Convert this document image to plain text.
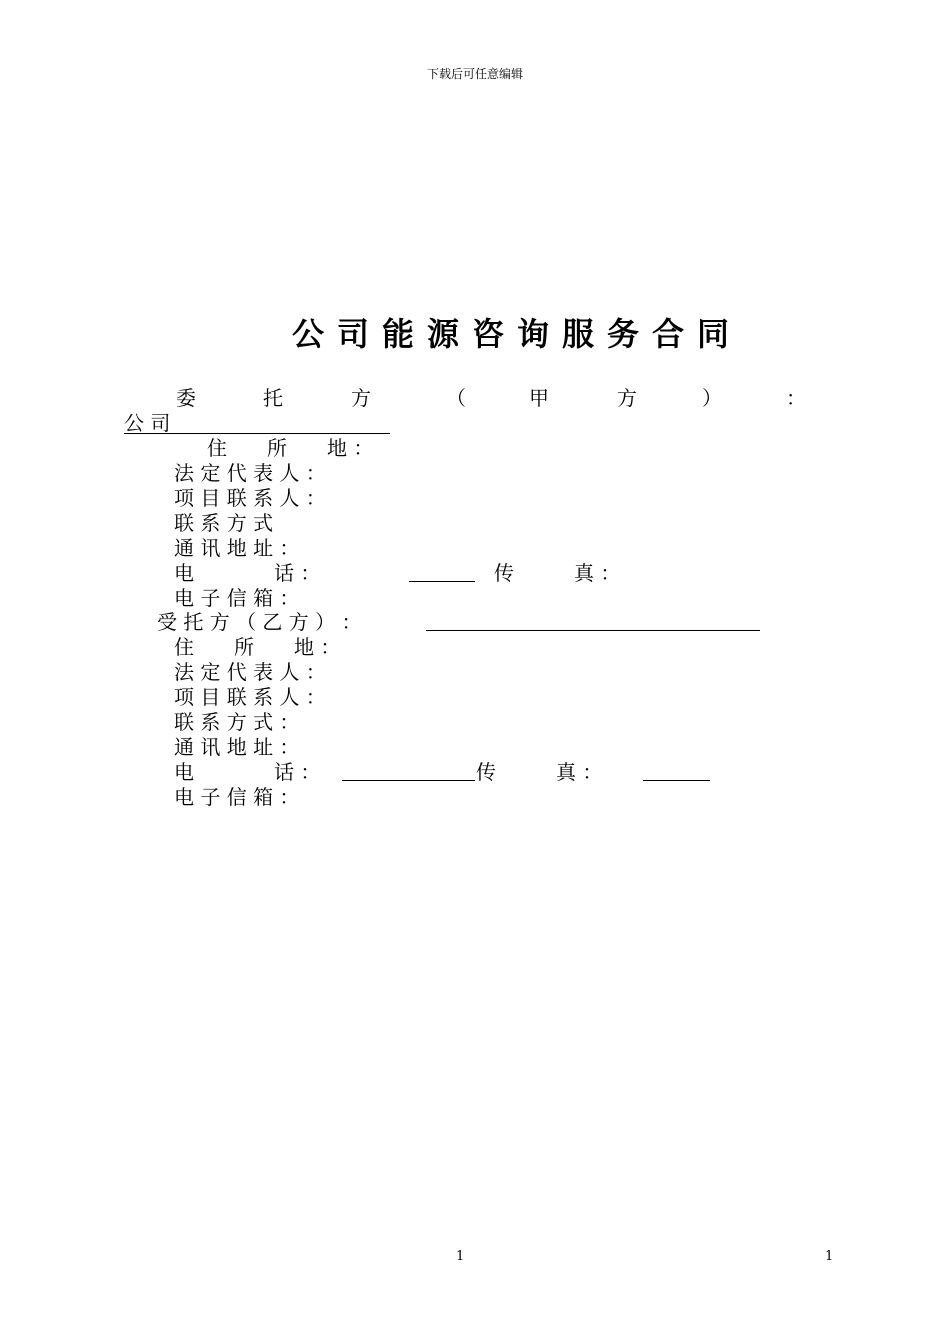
下载后可任意编辑
公司能源咨询服务合同
委	托	方	（	甲	方	）	：
公 司
住　　所　　地 ：
法 定 代 表 人 ：
项 目 联 系 人 ：
联 系 方 式
通 讯 地 址 ：
电　　　　话 ：	传　　　真 ：
电 子 信 箱 ：
受 托 方 （ 乙 方 ） ：
住　　所　　地 ：
法 定 代 表 人 ：
项 目 联 系 人 ：
联 系 方 式 ：
通 讯 地 址 ：
电　　　　话 ：	传　　　真 ：
电 子 信 箱 ：
1	1
